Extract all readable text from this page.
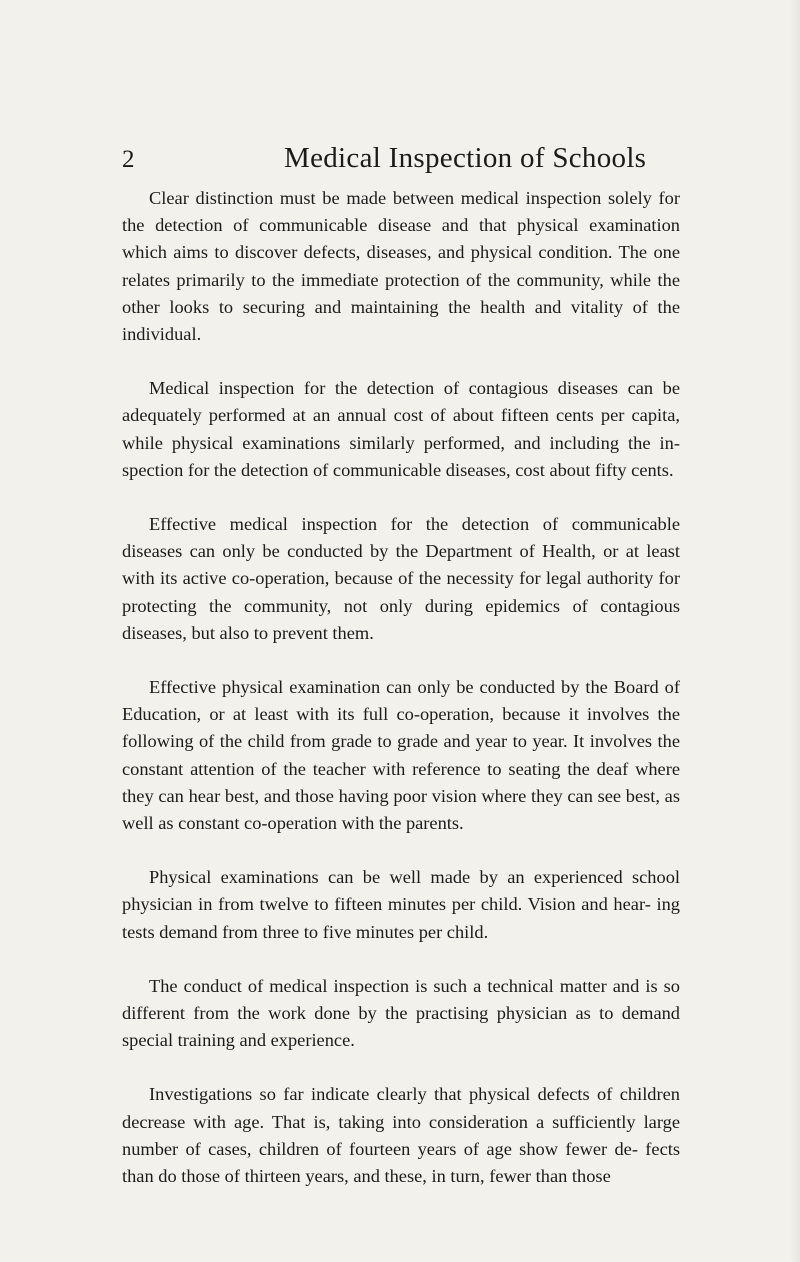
2	Medical Inspection of Schools

Clear distinction must be made between medical inspection solely for the detection of communicable disease and that physical examination which aims to discover defects, diseases, and physical condition. The one relates primarily to the immediate protection of the community, while the other looks to securing and maintaining the health and vitality of the individual.

Medical inspection for the detection of contagious diseases can be adequately performed at an annual cost of about fifteen cents per capita, while physical examinations similarly performed, and including the in- spection for the detection of communicable diseases, cost about fifty cents.

Effective medical inspection for the detection of communicable diseases can only be conducted by the Department of Health, or at least with its active co-operation, because of the necessity for legal authority for protecting the community, not only during epidemics of contagious diseases, but also to prevent them.

Effective physical examination can only be conducted by the Board of Education, or at least with its full co-operation, because it involves the following of the child from grade to grade and year to year. It involves the constant attention of the teacher with reference to seating the deaf where they can hear best, and those having poor vision where they can see best, as well as constant co-operation with the parents.

Physical examinations can be well made by an experienced school physician in from twelve to fifteen minutes per child. Vision and hear- ing tests demand from three to five minutes per child.

The conduct of medical inspection is such a technical matter and is so different from the work done by the practising physician as to demand special training and experience.

Investigations so far indicate clearly that physical defects of children decrease with age. That is, taking into consideration a sufficiently large number of cases, children of fourteen years of age show fewer de- fects than do those of thirteen years, and these, in turn, fewer than those
